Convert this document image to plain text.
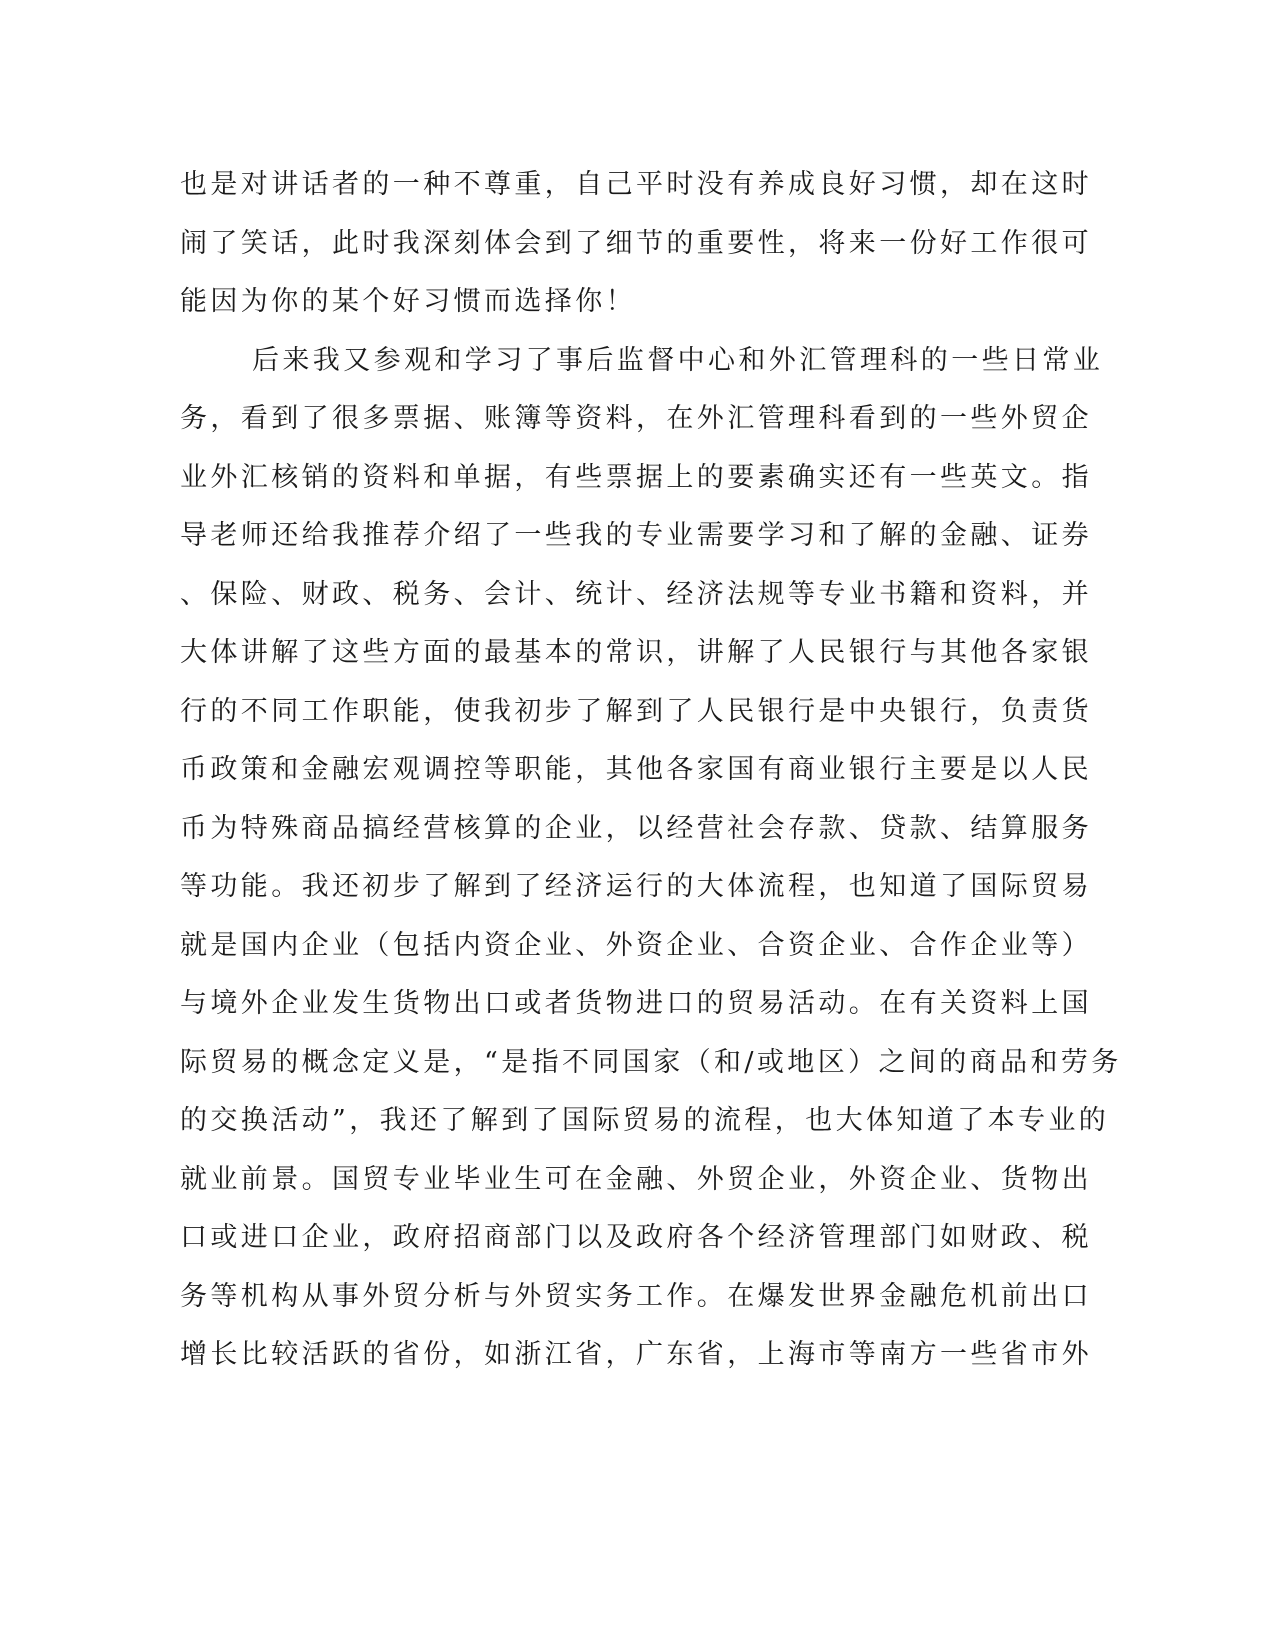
也是对讲话者的一种不尊重，自己平时没有养成良好习惯，却在这时
闹了笑话，此时我深刻体会到了细节的重要性，将来一份好工作很可
能因为你的某个好习惯而选择你！
后来我又参观和学习了事后监督中心和外汇管理科的一些日常业
务，看到了很多票据、账簿等资料，在外汇管理科看到的一些外贸企
业外汇核销的资料和单据，有些票据上的要素确实还有一些英文。指
导老师还给我推荐介绍了一些我的专业需要学习和了解的金融、证券
、保险、财政、税务、会计、统计、经济法规等专业书籍和资料，并
大体讲解了这些方面的最基本的常识，讲解了人民银行与其他各家银
行的不同工作职能，使我初步了解到了人民银行是中央银行，负责货
币政策和金融宏观调控等职能，其他各家国有商业银行主要是以人民
币为特殊商品搞经营核算的企业，以经营社会存款、贷款、结算服务
等功能。我还初步了解到了经济运行的大体流程，也知道了国际贸易
就是国内企业（包括内资企业、外资企业、合资企业、合作企业等）
与境外企业发生货物出口或者货物进口的贸易活动。在有关资料上国
际贸易的概念定义是，“是指不同国家（和/或地区）之间的商品和劳务
的交换活动”，我还了解到了国际贸易的流程，也大体知道了本专业的
就业前景。国贸专业毕业生可在金融、外贸企业，外资企业、货物出
口或进口企业，政府招商部门以及政府各个经济管理部门如财政、税
务等机构从事外贸分析与外贸实务工作。在爆发世界金融危机前出口
增长比较活跃的省份，如浙江省，广东省，上海市等南方一些省市外
